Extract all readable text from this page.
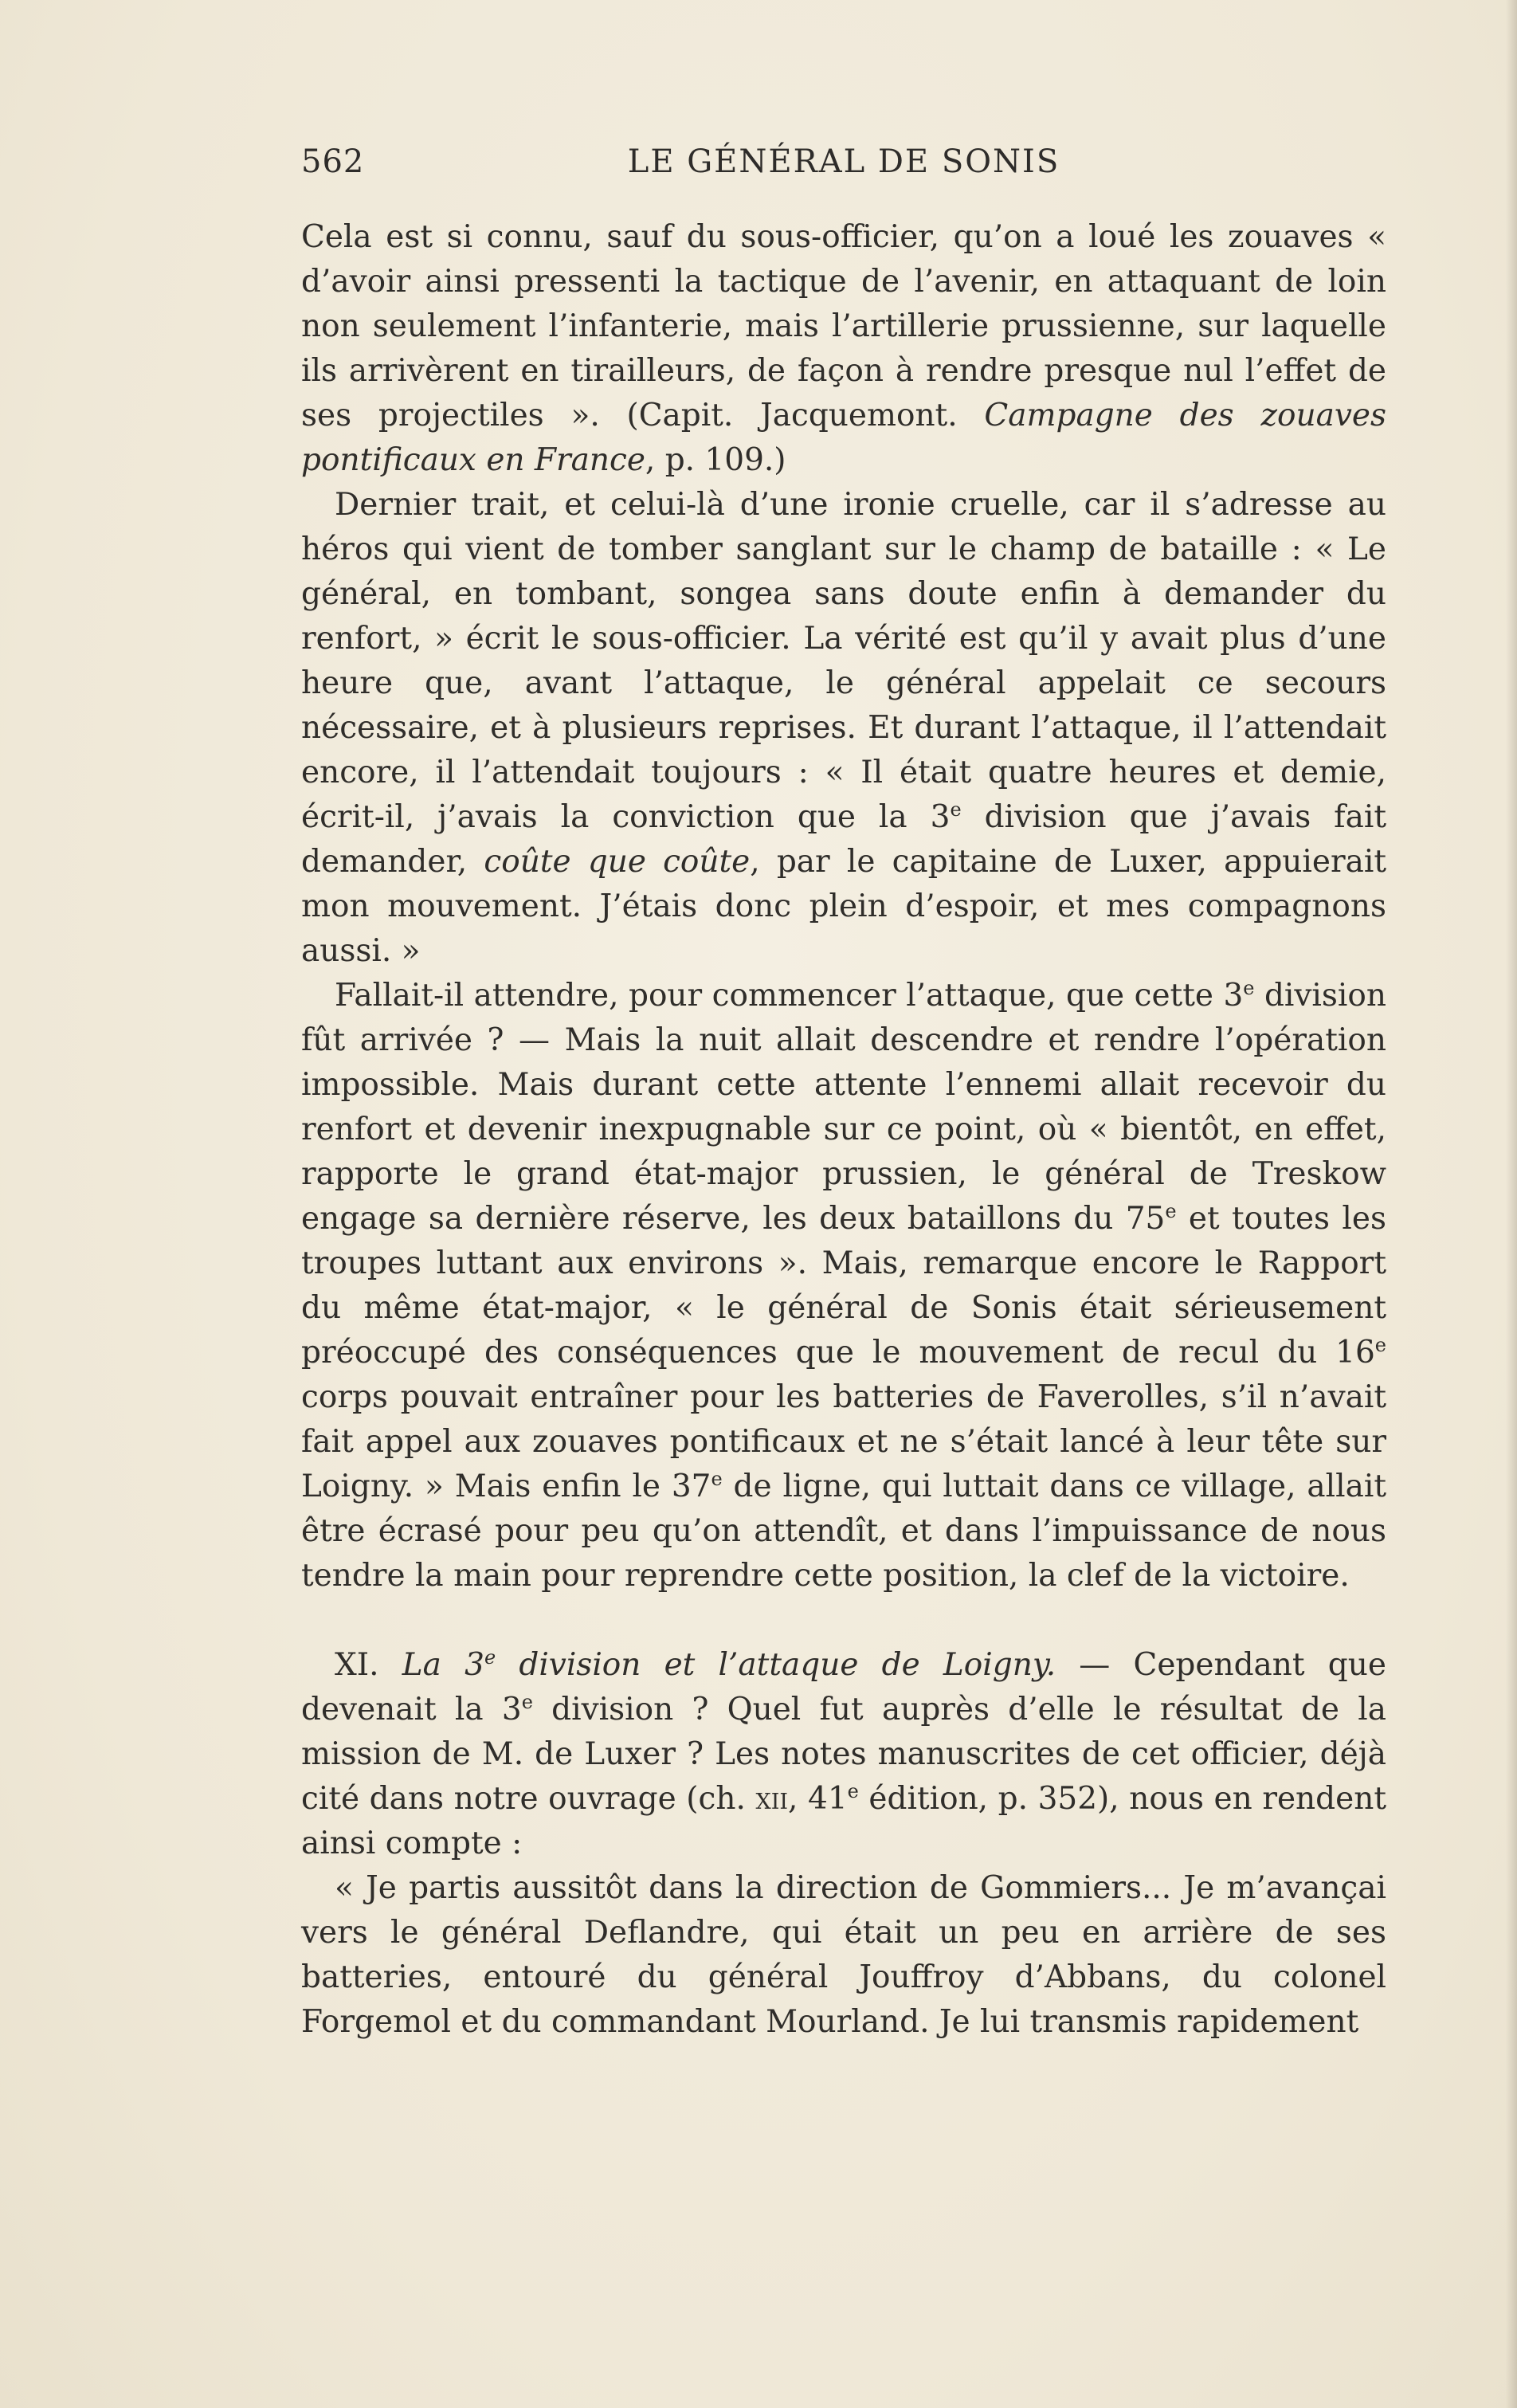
562	LE GÉNÉRAL DE SONIS

Cela est si connu, sauf du sous-officier, qu’on a loué les zouaves « d’avoir ainsi pressenti la tactique de l’avenir, en attaquant de loin non seulement l’infanterie, mais l’artillerie prussienne, sur laquelle ils arrivèrent en tirailleurs, de façon à rendre presque nul l’effet de ses projectiles ». (Capit. Jacquemont. Campagne des zouaves pontificaux en France, p. 109.)

Dernier trait, et celui-là d’une ironie cruelle, car il s’adresse au héros qui vient de tomber sanglant sur le champ de bataille : « Le général, en tombant, songea sans doute enfin à demander du renfort, » écrit le sous-officier. La vérité est qu’il y avait plus d’une heure que, avant l’attaque, le général appelait ce secours nécessaire, et à plusieurs reprises. Et durant l’attaque, il l’attendait encore, il l’attendait toujours : « Il était quatre heures et demie, écrit-il, j’avais la conviction que la 3e division que j’avais fait demander, coûte que coûte, par le capitaine de Luxer, appuierait mon mouvement. J’étais donc plein d’espoir, et mes compagnons aussi. »

Fallait-il attendre, pour commencer l’attaque, que cette 3e division fût arrivée ? — Mais la nuit allait descendre et rendre l’opération impossible. Mais durant cette attente l’ennemi allait recevoir du renfort et devenir inexpugnable sur ce point, où « bientôt, en effet, rapporte le grand état-major prussien, le général de Treskow engage sa dernière réserve, les deux bataillons du 75e et toutes les troupes luttant aux environs ». Mais, remarque encore le Rapport du même état-major, « le général de Sonis était sérieusement préoccupé des conséquences que le mouvement de recul du 16e corps pouvait entraîner pour les batteries de Faverolles, s’il n’avait fait appel aux zouaves pontificaux et ne s’était lancé à leur tête sur Loigny. » Mais enfin le 37e de ligne, qui luttait dans ce village, allait être écrasé pour peu qu’on attendît, et dans l’impuissance de nous tendre la main pour reprendre cette position, la clef de la victoire.

XI. La 3e division et l’attaque de Loigny. — Cependant que devenait la 3e division ? Quel fut auprès d’elle le résultat de la mission de M. de Luxer ? Les notes manuscrites de cet officier, déjà cité dans notre ouvrage (ch. xii, 41e édition, p. 352), nous en rendent ainsi compte :

« Je partis aussitôt dans la direction de Gommiers... Je m’avançai vers le général Deflandre, qui était un peu en arrière de ses batteries, entouré du général Jouffroy d’Abbans, du colonel Forgemol et du commandant Mourland. Je lui transmis rapidement
